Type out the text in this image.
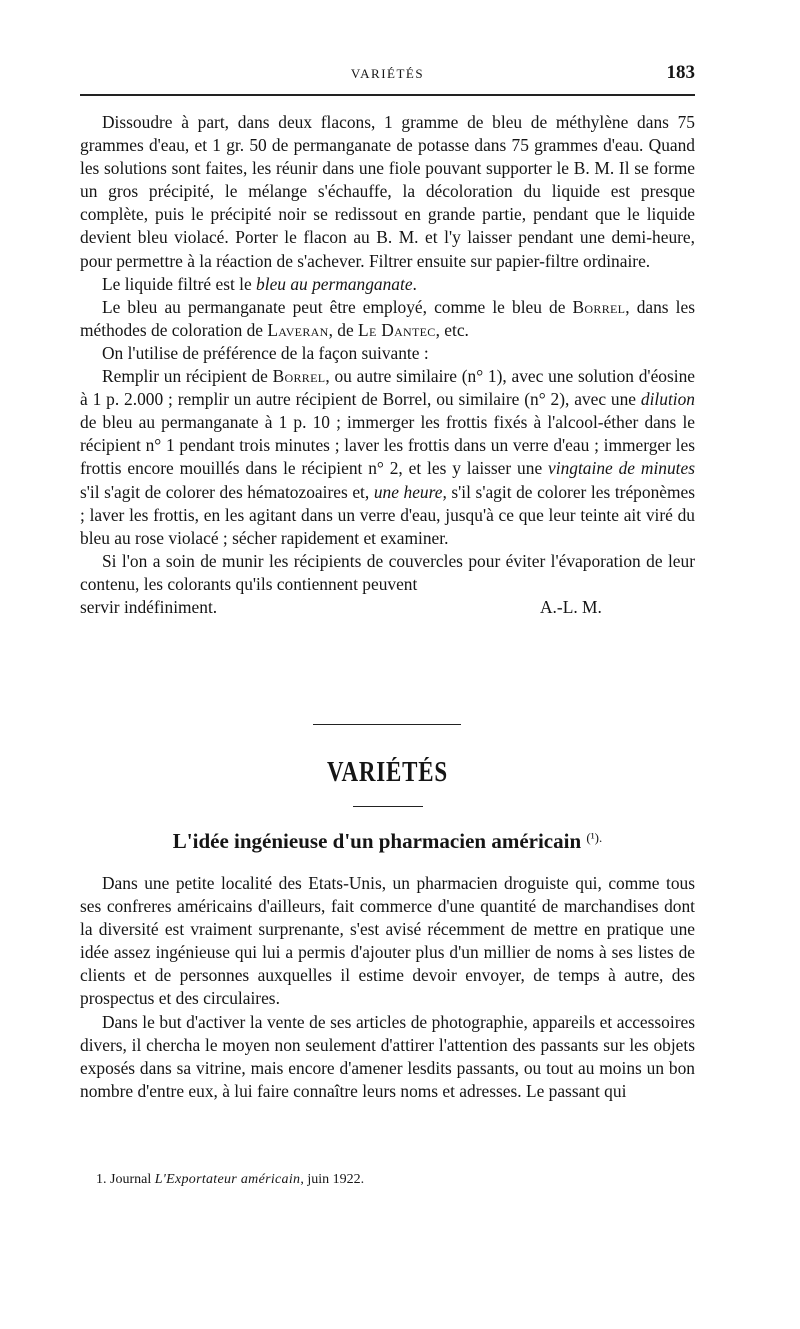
VARIÉTÉS	183

Dissoudre à part, dans deux flacons, 1 gramme de bleu de méthylène dans 75 grammes d'eau, et 1 gr. 50 de permanganate de potasse dans 75 grammes d'eau. Quand les solutions sont faites, les réunir dans une fiole pouvant supporter le B. M. Il se forme un gros précipité, le mélange s'échauffe, la décoloration du liquide est presque complète, puis le précipité noir se redissout en grande partie, pendant que le liquide devient bleu violacé. Porter le flacon au B. M. et l'y laisser pendant une demi-heure, pour permettre à la réaction de s'achever. Filtrer ensuite sur papier-filtre ordinaire.

Le liquide filtré est le bleu au permanganate.

Le bleu au permanganate peut être employé, comme le bleu de Borrel, dans les méthodes de coloration de Laveran, de Le Dantec, etc.

On l'utilise de préférence de la façon suivante :

Remplir un récipient de Borrel, ou autre similaire (n° 1), avec une solution d'éosine à 1 p. 2.000 ; remplir un autre récipient de Borrel, ou similaire (n° 2), avec une dilution de bleu au permanganate à 1 p. 10 ; immerger les frottis fixés à l'alcool-éther dans le récipient n° 1 pendant trois minutes ; laver les frottis dans un verre d'eau ; immerger les frottis encore mouillés dans le récipient n° 2, et les y laisser une vingtaine de minutes s'il s'agit de colorer des hématozoaires et, une heure, s'il s'agit de colorer les tréponèmes ; laver les frottis, en les agitant dans un verre d'eau, jusqu'à ce que leur teinte ait viré du bleu au rose violacé ; sécher rapidement et examiner.

Si l'on a soin de munir les récipients de couvercles pour éviter l'évaporation de leur contenu, les colorants qu'ils contiennent peuvent

servir indéfiniment.	A.-L. M.

VARIÉTÉS
L'idée ingénieuse d'un pharmacien américain $^{(^1).}$

Dans une petite localité des Etats-Unis, un pharmacien droguiste qui, comme tous ses confreres américains d'ailleurs, fait commerce d'une quantité de marchandises dont la diversité est vraiment surprenante, s'est avisé récemment de mettre en pratique une idée assez ingénieuse qui lui a permis d'ajouter plus d'un millier de noms à ses listes de clients et de personnes auxquelles il estime devoir envoyer, de temps à autre, des prospectus et des circulaires.

Dans le but d'activer la vente de ses articles de photographie, appareils et accessoires divers, il chercha le moyen non seulement d'attirer l'attention des passants sur les objets exposés dans sa vitrine, mais encore d'amener lesdits passants, ou tout au moins un bon nombre d'entre eux, à lui faire connaître leurs noms et adresses. Le passant qui

1. Journal L'Exportateur américain, juin 1922.
